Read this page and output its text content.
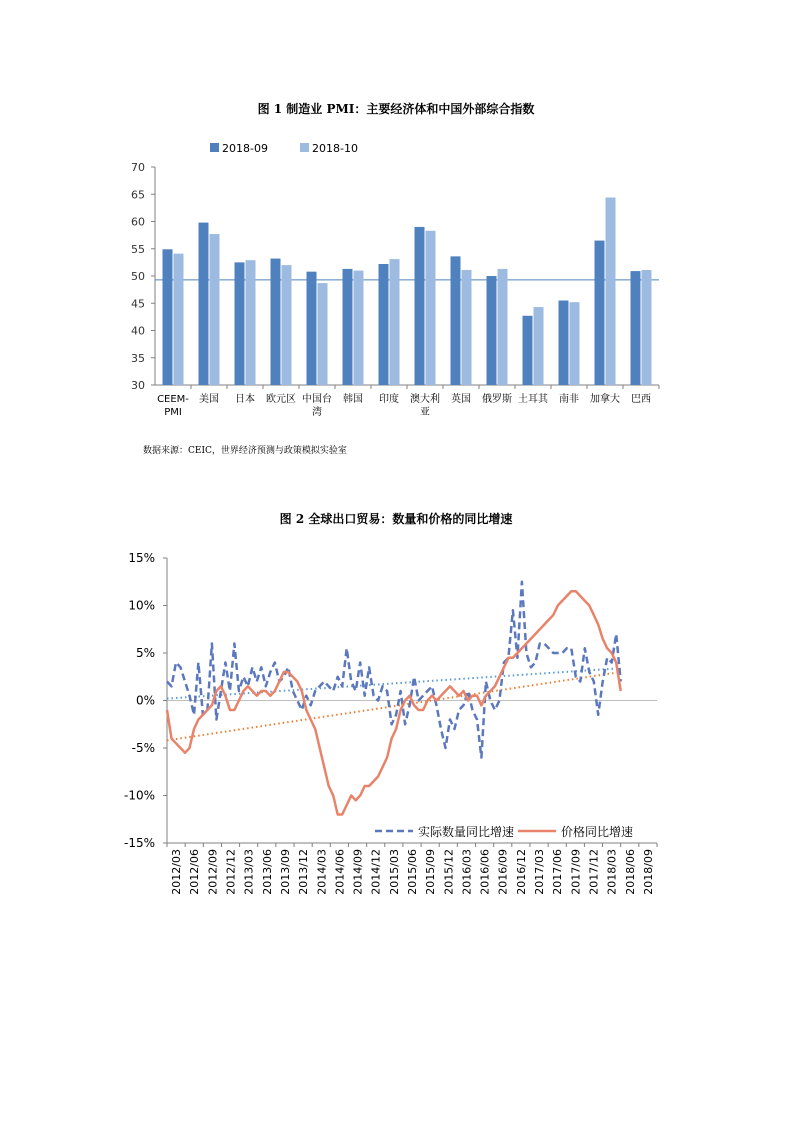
图 1 制造业 PMI：主要经济体和中国外部综合指数
2018-09	2018-10
30
35
40
45
50
55
60
65
70
CEEM-
PMI
美国 日本 欧元区 中国台
湾
韩国 印度 澳大利
亚
英国 俄罗斯 土耳其 南非 加拿大 巴西
数据来源：CEIC，世界经济预测与政策模拟实验室
图 2 全球出口贸易：数量和价格的同比增速
-15%
-10%
-5%
0%
5%
10%
15%
2012/03 2012/06 2012/09 2012/12 2013/03 2013/06 2013/09 2013/12 2014/03 2014/06 2014/09 2014/12 2015/03 2015/06 2015/09 2015/12 2016/03 2016/06 2016/09 2016/12 2017/03 2017/06 2017/09 2017/12 2018/03 2018/06 2018/09
实际数量同比增速	价格同比增速
